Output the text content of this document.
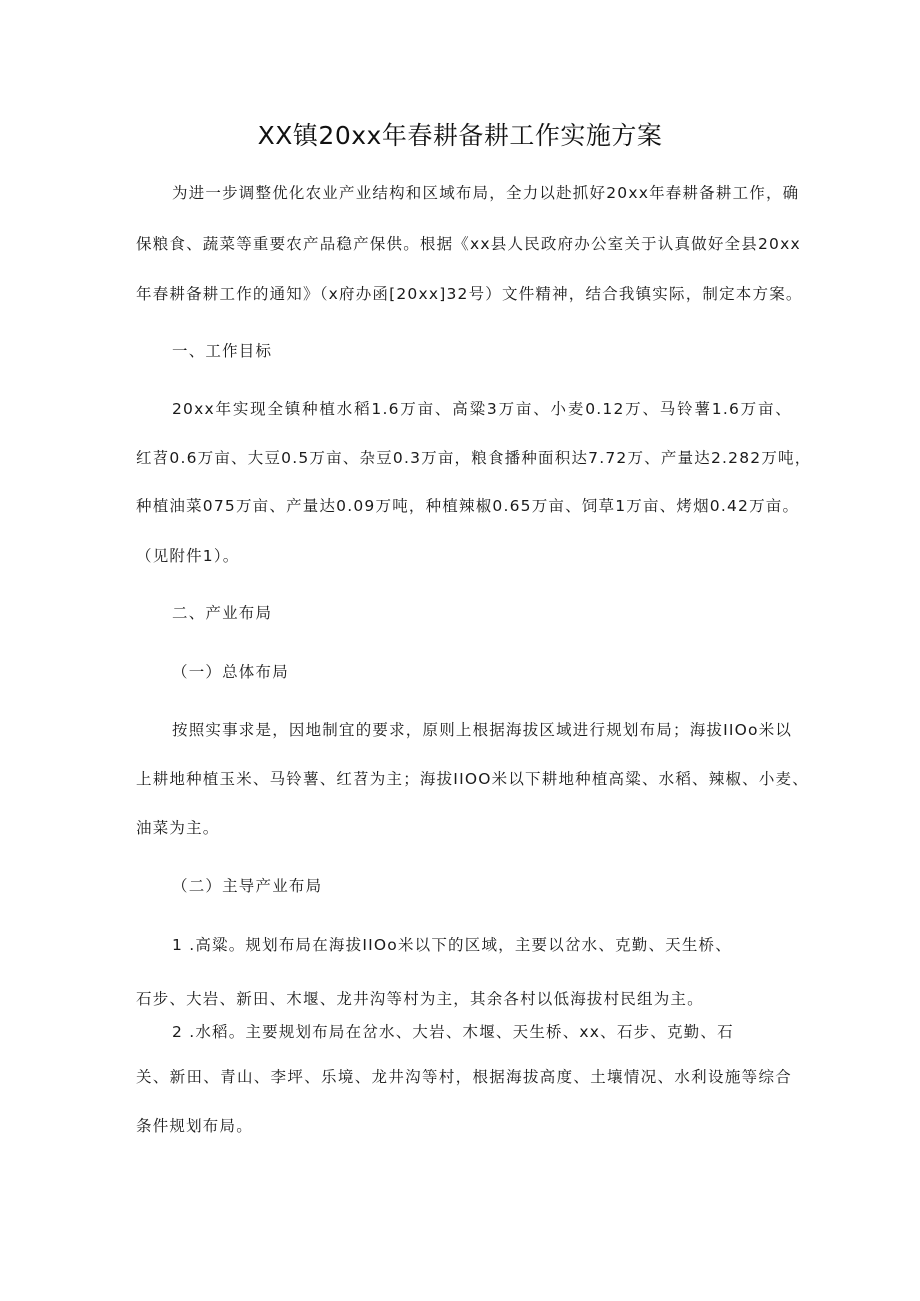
XX镇20xx年春耕备耕工作实施方案
为进一步调整优化农业产业结构和区域布局，全力以赴抓好20xx年春耕备耕工作，确
保粮食、蔬菜等重要农产品稳产保供。根据《xx县人民政府办公室关于认真做好全县20xx
年春耕备耕工作的通知》（x府办函[20xx]32号）文件精神，结合我镇实际，制定本方案。
一、工作目标
20xx年实现全镇种植水稻1.6万亩、高粱3万亩、小麦0.12万、马铃薯1.6万亩、
红苕0.6万亩、大豆0.5万亩、杂豆0.3万亩，粮食播种面积达7.72万、产量达2.282万吨，
种植油菜075万亩、产量达0.09万吨，种植辣椒0.65万亩、饲草1万亩、烤烟0.42万亩。
（见附件1）。
二、产业布局
（一）总体布局
按照实事求是，因地制宜的要求，原则上根据海拔区域进行规划布局；海拔IIOo米以
上耕地种植玉米、马铃薯、红苕为主；海拔IIOO米以下耕地种植高粱、水稻、辣椒、小麦、
油菜为主。
（二）主导产业布局
1 .高粱。规划布局在海拔IIOo米以下的区域，主要以岔水、克勤、天生桥、
石步、大岩、新田、木堰、龙井沟等村为主，其余各村以低海拔村民组为主。
2 .水稻。主要规划布局在岔水、大岩、木堰、天生桥、xx、石步、克勤、石
关、新田、青山、李坪、乐境、龙井沟等村，根据海拔高度、土壤情况、水利设施等综合
条件规划布局。
